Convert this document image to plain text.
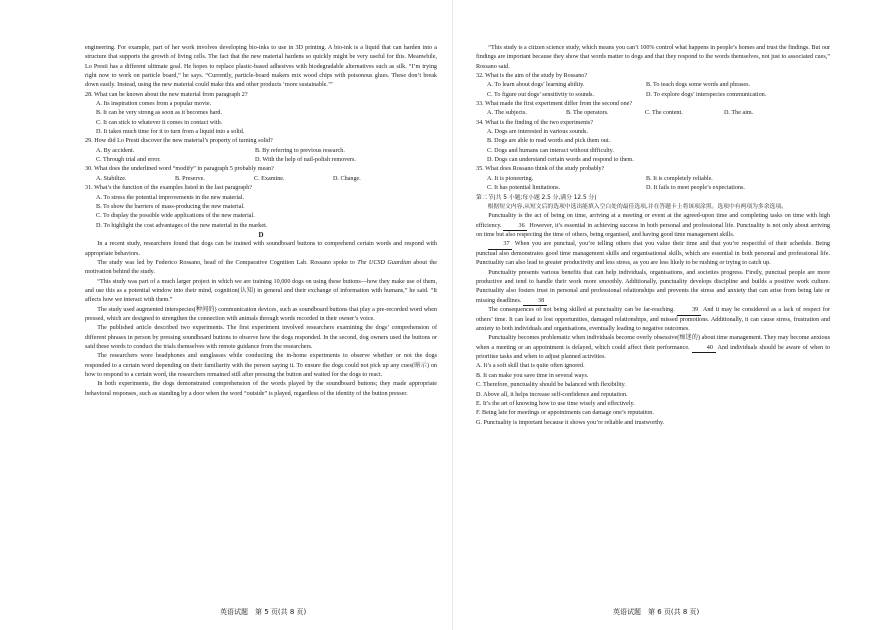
engineering. For example, part of her work involves developing bio-inks to use in 3D printing. A bio-ink is a liquid that can harden into a structure that supports the growth of living cells. The fact that the new material hardens so quickly might be very useful for this. Meanwhile, Lo Presti has a different ultimate goal. He hopes to replace plastic-based adhesives with biodegradable alternatives such as silk. “I’m trying right now to work on particle board,” he says. “Currently, particle-board makers mix wood chips with poisonous glues. These don’t break down easily. Instead, using the new material could make this and other products ‘more sustainable.’”

28. What can be known about the new material from paragraph 2?

A. Its inspiration comes from a popular movie.
B. It can be very strong as soon as it becomes hard.
C. It can stick to whatever it comes in contact with.
D. It takes much time for it to turn from a liquid into a solid.

29. How did Lo Presti discover the new material’s property of turning solid?

A. By accident.	B. By referring to previous research.
C. Through trial and error.	D. With the help of nail-polish removers.

30. What does the underlined word “modify” in paragraph 5 probably mean?

A. Stabilize.	B. Preserve.	C. Examine.	D. Change.

31. What’s the function of the examples listed in the last paragraph?

A. To stress the potential improvements in the new material.
B. To show the barriers of mass-producing the new material.
C. To display the possible wide applications of the new material.
D. To highlight the cost advantages of the new material in the market.

D

In a recent study, researchers found that dogs can be trained with soundboard buttons to comprehend certain words and respond with appropriate behaviors.

The study was led by Federico Rossano, head of the Comparative Cognition Lab. Rossano spoke to The UCSD Guardian about the motivation behind the study.

“This study was part of a much larger project in which we are training 10,000 dogs on using these buttons—how they make use of them, and use this as a potential window into their mind, cognition(认知) in general and their exchange of information with humans,” he said. “It affects how we interact with them.”

The study used augmented interspecies(种间的) communication devices, such as soundboard buttons that play a pre-recorded word when pressed, which are designed to strengthen the connection with animals through words recorded in their owner’s voice.

The published article described two experiments. The first experiment involved researchers examining the dogs’ comprehension of different phrases in person by pressing soundboard buttons to observe how the dogs responded. In the second, dog owners used the buttons or said these words to conduct the trials themselves with remote guidance from the researchers.

The researchers wore headphones and sunglasses while conducting the in-home experiments to observe whether or not the dogs responded to a certain word depending on their familiarity with the person saying it. To ensure the dogs could not pick up any cues(暗示) on how to respond to a certain word, the researchers remained still after pressing the button and waited for the dogs to react.

In both experiments, the dogs demonstrated comprehension of the words played by the soundboard buttons; they made appropriate behavioral responses, such as standing by a door when the word “outside” is played, regardless of the identity of the button presser.

英语试题　第 5 页(共 8 页)

“This study is a citizen science study, which means you can’t 100% control what happens in people’s homes and trust the findings. But our findings are important because they show that words matter to dogs and that they respond to the words themselves, not just to associated cues,” Rossano said.

32. What is the aim of the study by Rossano?

A. To learn about dogs’ learning ability.	B. To teach dogs some words and phrases.
C. To figure out dogs’ sensitivity to sounds.	D. To explore dogs’ interspecies communication.

33. What made the first experiment differ from the second one?

A. The subjects.	B. The operators.	C. The content.	D. The aim.

34. What is the finding of the two experiments?

A. Dogs are interested in various sounds.
B. Dogs are able to read words and pick them out.
C. Dogs and humans can interact without difficulty.
D. Dogs can understand certain words and respond to them.

35. What does Rossano think of the study probably?

A. It is pioneering.	B. It is completely reliable.
C. It has potential limitations.	D. It fails to meet people’s expectations.

第二节(共 5 小题;每小题 2.5 分,满分 12.5 分)

　　根据短文内容,从短文后的选项中选出能填入空白处的最佳选项,并在答题卡上将该项涂黑。选项中有两项为多余选项。

Punctuality is the act of being on time, arriving at a meeting or event at the agreed-upon time and completing tasks on time with high efficiency.	36 However, it’s essential in achieving success in both personal and professional life. Punctuality is not only about arriving on time but also respecting the time of others, being organised, and having good time management skills.

37 When you are punctual, you’re telling others that you value their time and that you’re respectful of their schedule. Being punctual also demonstrates good time management skills and organisational skills, which are essential in both personal and professional life. Punctuality can also lead to greater productivity and less stress, as you are less likely to be rushing or trying to catch up.

Punctuality presents various benefits that can help individuals, organisations, and societies progress. Firstly, punctual people are more productive and tend to handle their work more smoothly. Additionally, punctuality develops discipline and builds a positive work culture. Punctuality also fosters trust in personal and professional relationships and prevents the stress and anxiety that can arise from being late or missing deadlines.	38

The consequences of not being skilled at punctuality can be far-reaching.	39 And it may be considered as a lack of respect for others’ time. It can lead to lost opportunities, damaged relationships, and missed promotions. Additionally, it can cause stress, frustration and anxiety to both individuals and organisations, eventually leading to negative outcomes.

Punctuality becomes problematic when individuals become overly obsessive(痴迷的) about time management. They may become anxious when a meeting or an appointment is delayed, which could affect their performance.	40 And individuals should be aware of when to prioritise tasks and when to adjust planned activities.

A. It’s a soft skill that is quite often ignored.
B. It can make you save time in several ways.
C. Therefore, punctuality should be balanced with flexibility.
D. Above all, it helps increase self-confidence and reputation.
E. It’s the art of knowing how to use time wisely and effectively.
F. Being late for meetings or appointments can damage one’s reputation.
G. Punctuality is important because it shows you’re reliable and trustworthy.
英语试题　第 6 页(共 8 页)
